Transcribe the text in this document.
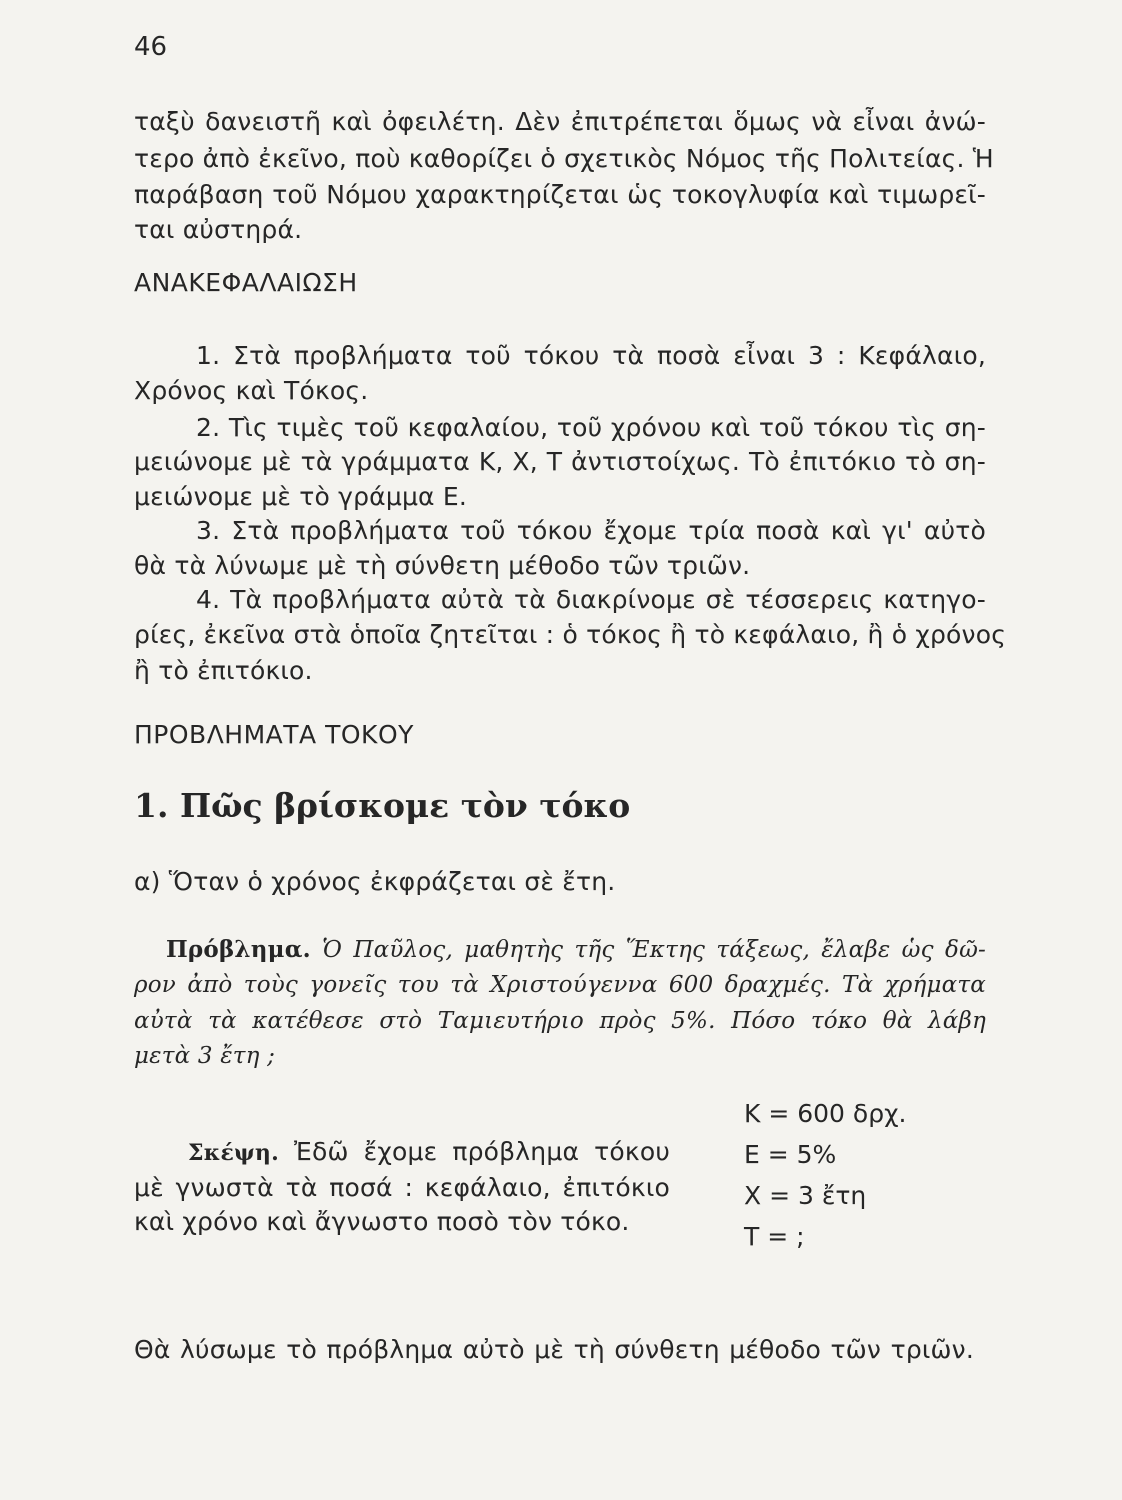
46
ταξὺ δανειστῆ καὶ ὀφειλέτη. Δὲν ἐπιτρέπεται ὅμως νὰ εἶναι ἀνώ-
τερο ἀπὸ ἐκεῖνο, ποὺ καθορίζει ὁ σχετικὸς Νόμος τῆς Πολιτείας. Ἡ
παράβαση τοῦ Νόμου χαρακτηρίζεται ὡς τοκογλυφία καὶ τιμωρεῖ-
ται αὐστηρά.
ΑΝΑΚΕΦΑΛΑΙΩΣΗ
1. Στὰ προβλήματα τοῦ τόκου τὰ ποσὰ εἶναι 3 : Κεφάλαιο,
Χρόνος καὶ Τόκος.
2. Τὶς τιμὲς τοῦ κεφαλαίου, τοῦ χρόνου καὶ τοῦ τόκου τὶς ση-
μειώνομε μὲ τὰ γράμματα Κ, Χ, Τ ἀντιστοίχως. Τὸ ἐπιτόκιο τὸ ση-
μειώνομε μὲ τὸ γράμμα Ε.
3. Στὰ προβλήματα τοῦ τόκου ἔχομε τρία ποσὰ καὶ γι' αὐτὸ
θὰ τὰ λύνωμε μὲ τὴ σύνθετη μέθοδο τῶν τριῶν.
4. Τὰ προβλήματα αὐτὰ τὰ διακρίνομε σὲ τέσσερεις κατηγο-
ρίες, ἐκεῖνα στὰ ὁποῖα ζητεῖται : ὁ τόκος ἢ τὸ κεφάλαιο, ἢ ὁ χρόνος
ἢ τὸ ἐπιτόκιο.
ΠΡΟΒΛΗΜΑΤΑ ΤΟΚΟΥ
1. Πῶς βρίσκομε τὸν τόκο
α) Ὅταν ὁ χρόνος ἐκφράζεται σὲ ἔτη.
Πρόβλημα. Ὁ Παῦλος, μαθητὴς τῆς Ἕκτης τάξεως, ἔλαβε ὡς δῶ-
ρον ἀπὸ τοὺς γονεῖς του τὰ Χριστούγεννα 600 δραχμές. Τὰ χρήματα
αὐτὰ τὰ κατέθεσε στὸ Ταμιευτήριο πρὸς 5%. Πόσο τόκο θὰ λάβη
μετὰ 3 ἔτη ;
Σκέψη. Ἐδῶ ἔχομε πρόβλημα τόκου
μὲ γνωστὰ τὰ ποσά : κεφάλαιο, ἐπιτόκιο
καὶ χρόνο καὶ ἄγνωστο ποσὸ τὸν τόκο.
Κ = 600 δρχ.
Ε = 5%
Χ = 3 ἔτη
Τ = ;
Θὰ λύσωμε τὸ πρόβλημα αὐτὸ μὲ τὴ σύνθετη μέθοδο τῶν τριῶν.
